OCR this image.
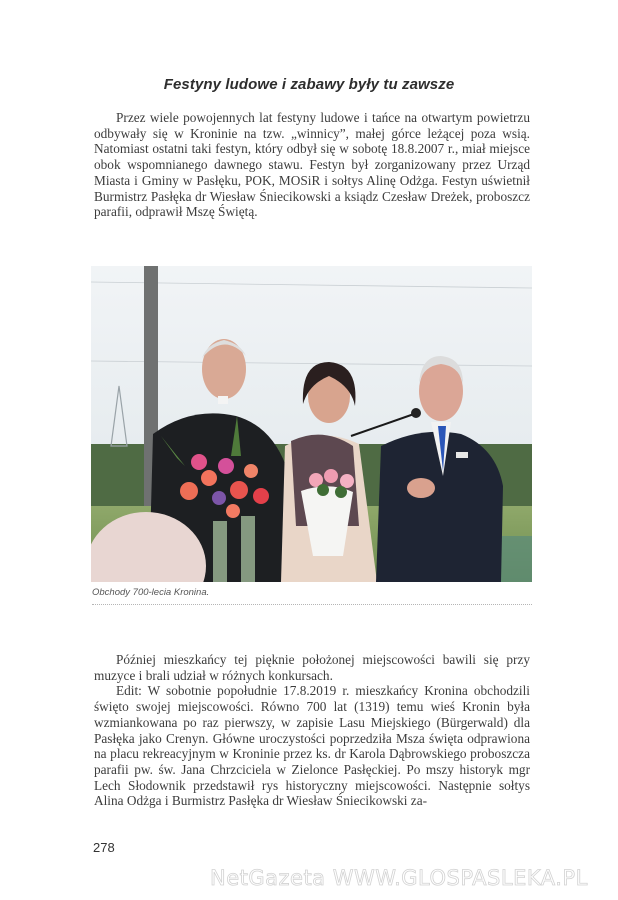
Festyny ludowe i zabawy były tu zawsze

Przez wiele powojennych lat festyny ludowe i tańce na otwartym powietrzu odbywały się w Kroninie na tzw. „winnicy”, małej górce leżącej poza wsią. Natomiast ostatni taki festyn, który odbył się w sobotę 18.8.2007 r., miał miejsce obok wspomnianego dawnego stawu. Festyn był zorganizowany przez Urząd Miasta i Gminy w Pasłęku, POK, MOSiR i sołtys Alinę Odżga. Festyn uświetnił Burmistrz Pasłęka dr Wiesław Śniecikowski a ksiądz Czesław Dreżek, proboszcz parafii, odprawił Mszę Świętą.

Obchody 700-lecia Kronina.

Później mieszkańcy tej pięknie położonej miejscowości bawili się przy muzyce i brali udział w różnych konkursach.

Edit: W sobotnie popołudnie 17.8.2019 r. mieszkańcy Kronina obchodzili święto swojej miejscowości. Równo 700 lat (1319) temu wieś Kronin była wzmiankowana po raz pierwszy, w zapisie Lasu Miejskiego (Bürgerwald) dla Pasłęka jako Crenyn. Główne uroczystości poprzedziła Msza święta odprawiona na placu rekreacyjnym w Kroninie przez ks. dr Karola Dąbrowskiego proboszcza parafii pw. św. Jana Chrzciciela w Zielonce Pasłęckiej. Po mszy historyk mgr Lech Słodownik przedstawił rys historyczny miejscowości. Następnie sołtys Alina Odżga i Burmistrz Pasłęka dr Wiesław Śniecikowski za-

278
NetGazeta WWW.GLOSPASLEKA.PL
